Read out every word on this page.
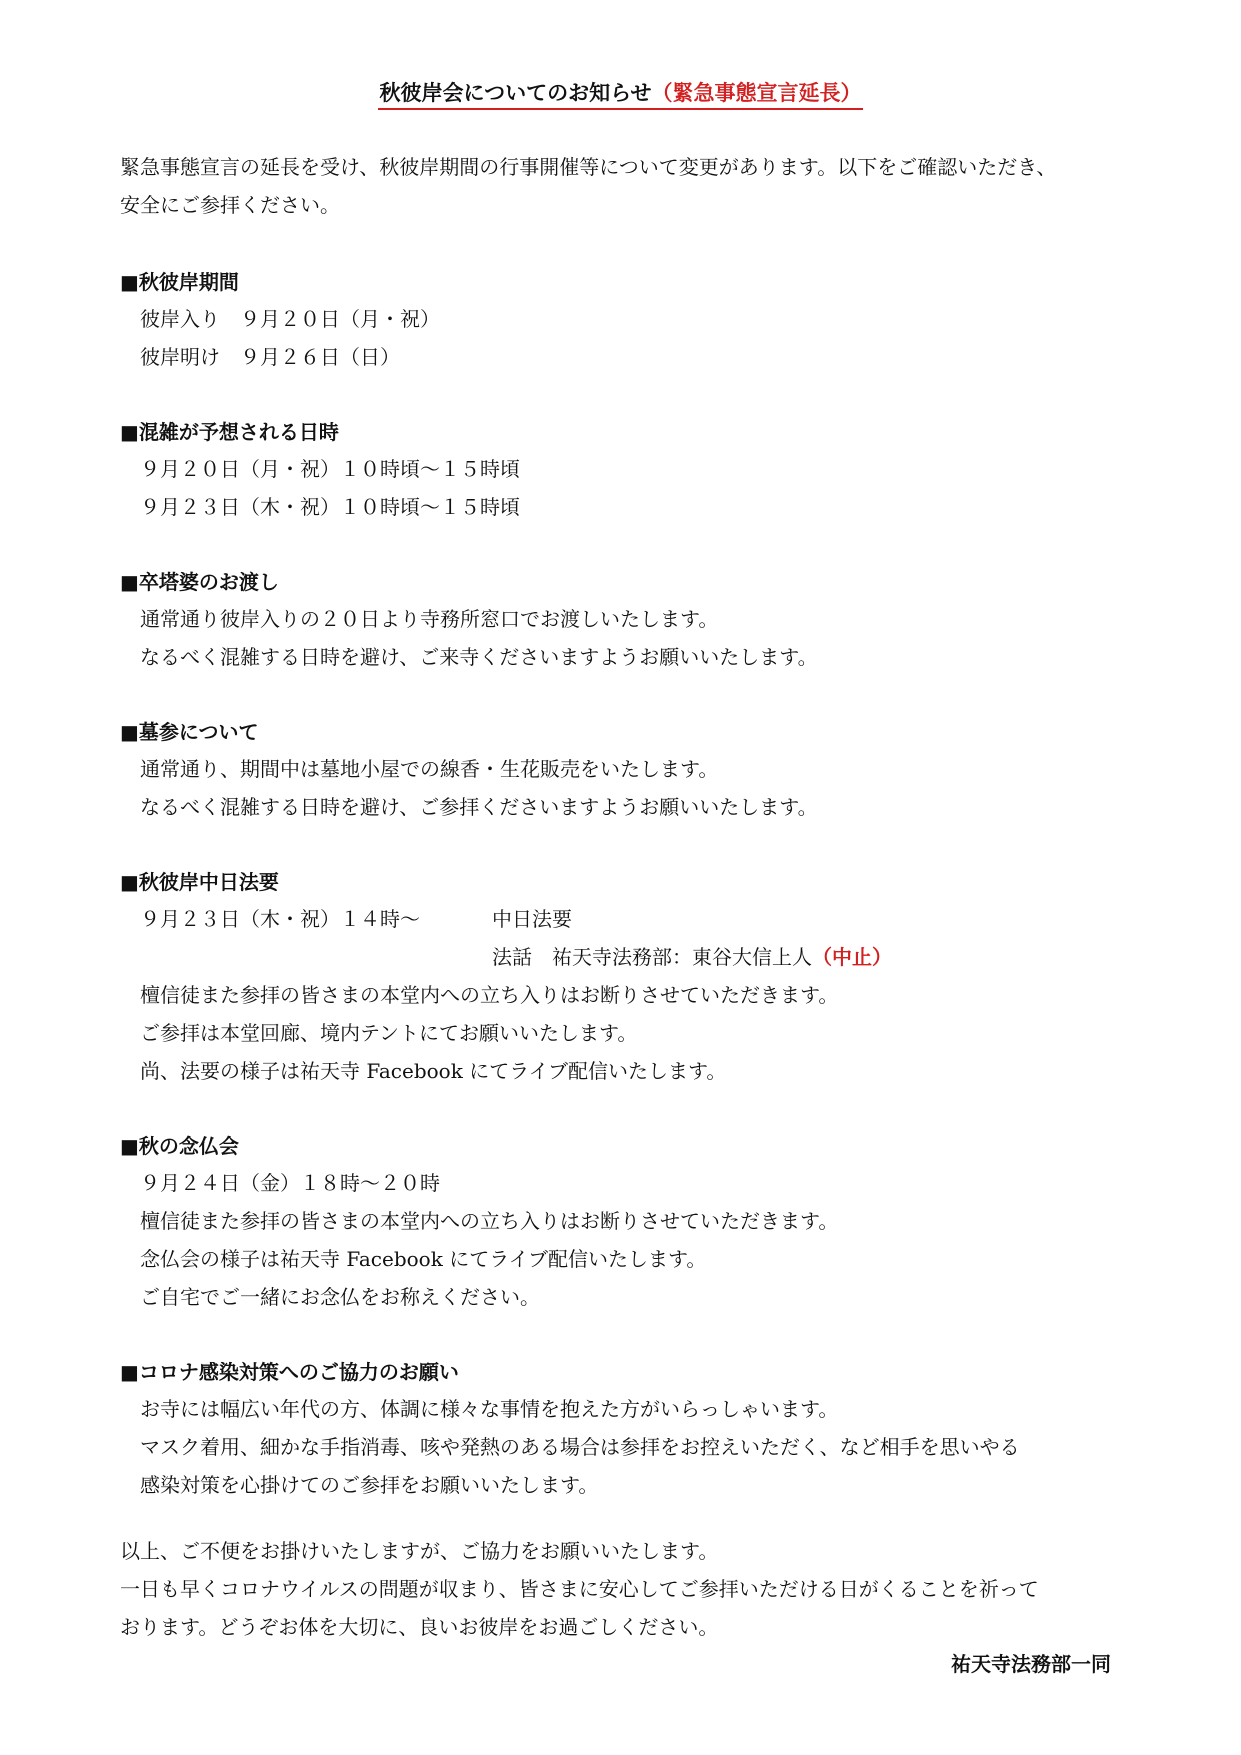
秋彼岸会についてのお知らせ（緊急事態宣言延長）
緊急事態宣言の延長を受け、秋彼岸期間の行事開催等について変更があります。以下をご確認いただき、
安全にご参拝ください。
■秋彼岸期間
彼岸入り　９月２０日（月・祝）
彼岸明け　９月２６日（日）
■混雑が予想される日時
９月２０日（月・祝）１０時頃～１５時頃
９月２３日（木・祝）１０時頃～１５時頃
■卒塔婆のお渡し
通常通り彼岸入りの２０日より寺務所窓口でお渡しいたします。
なるべく混雑する日時を避け、ご来寺くださいますようお願いいたします。
■墓参について
通常通り、期間中は墓地小屋での線香・生花販売をいたします。
なるべく混雑する日時を避け、ご参拝くださいますようお願いいたします。
■秋彼岸中日法要
９月２３日（木・祝）１４時～	中日法要
法話　祐天寺法務部：東谷大信上人（中止）
檀信徒また参拝の皆さまの本堂内への立ち入りはお断りさせていただきます。
ご参拝は本堂回廊、境内テントにてお願いいたします。
尚、法要の様子は祐天寺 Facebook にてライブ配信いたします。
■秋の念仏会
９月２４日（金）１８時～２０時
檀信徒また参拝の皆さまの本堂内への立ち入りはお断りさせていただきます。
念仏会の様子は祐天寺 Facebook にてライブ配信いたします。
ご自宅でご一緒にお念仏をお称えください。
■コロナ感染対策へのご協力のお願い
お寺には幅広い年代の方、体調に様々な事情を抱えた方がいらっしゃいます。
マスク着用、細かな手指消毒、咳や発熱のある場合は参拝をお控えいただく、など相手を思いやる
感染対策を心掛けてのご参拝をお願いいたします。
以上、ご不便をお掛けいたしますが、ご協力をお願いいたします。
一日も早くコロナウイルスの問題が収まり、皆さまに安心してご参拝いただける日がくることを祈って
おります。どうぞお体を大切に、良いお彼岸をお過ごしください。
祐天寺法務部一同
